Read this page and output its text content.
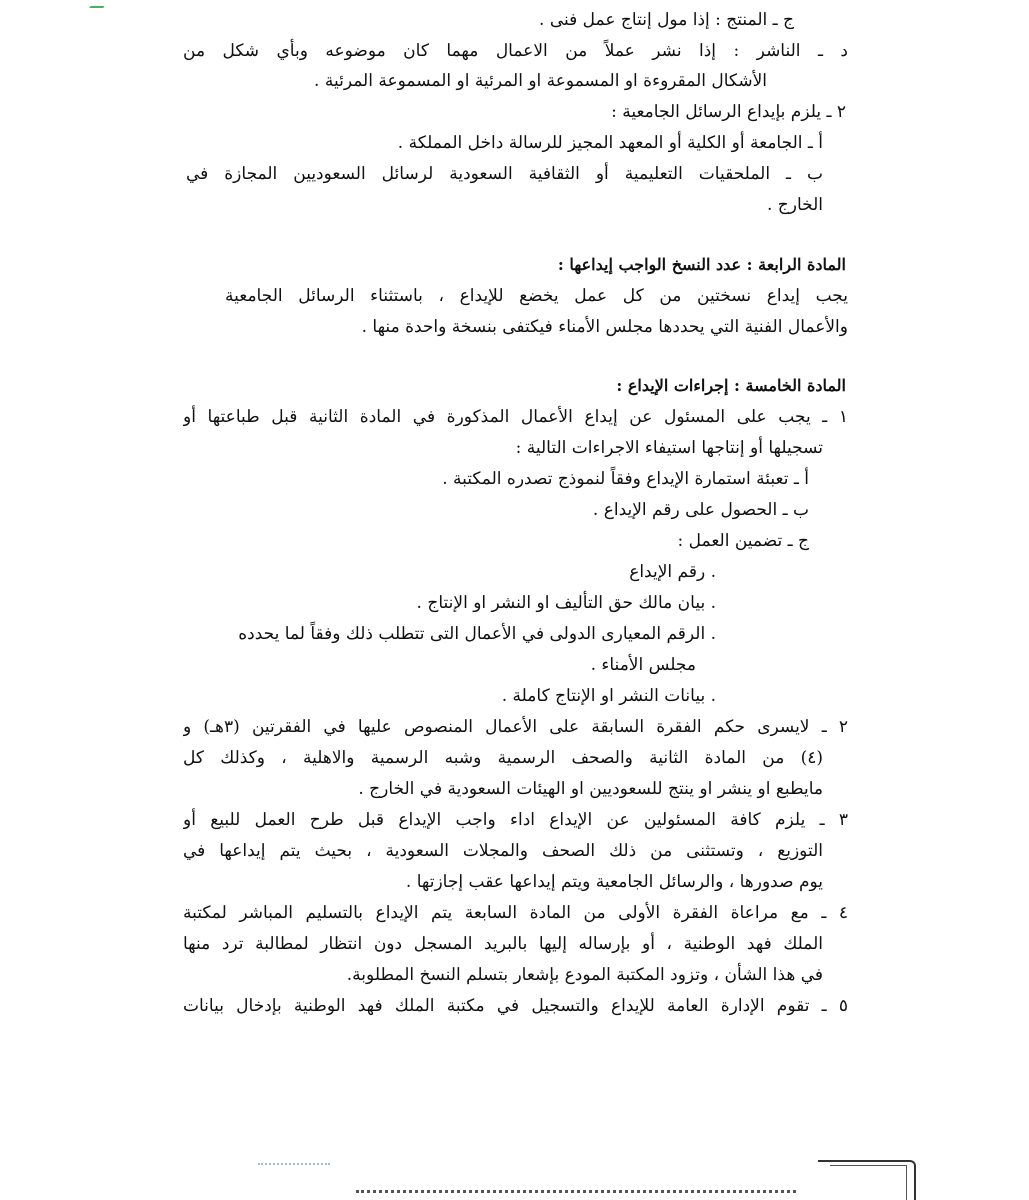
ج ـ المنتج : إذا مول إنتاج عمل فنى .
د ـ الناشر : إذا نشر عملاً من الاعمال مهما كان موضوعه وبأي شكل من
الأشكال المقروءة او المسموعة او المرئية او المسموعة المرئية .
٢ ـ يلزم بإيداع الرسائل الجامعية :
أ ـ الجامعة أو الكلية أو المعهد المجيز للرسالة داخل المملكة .
ب ـ الملحقيات التعليمية أو الثقافية السعودية لرسائل السعوديين المجازة في
الخارج .
المادة الرابعة : عدد النسخ الواجب إيداعها :
يجب إيداع نسختين من كل عمل يخضع للإيداع ، باستثناء الرسائل الجامعية
والأعمال الفنية التي يحددها مجلس الأمناء فيكتفى بنسخة واحدة منها .
المادة الخامسة : إجراءات الإيداع :
١ ـ يجب على المسئول عن إيداع الأعمال المذكورة في المادة الثانية قبل طباعتها أو
تسجيلها أو إنتاجها استيفاء الاجراءات التالية :
أ ـ تعبئة استمارة الإيداع وفقاً لنموذج تصدره المكتبة .
ب ـ الحصول على رقم الإيداع .
ج ـ تضمين العمل :
. رقم الإيداع
. بيان مالك حق التأليف او النشر او الإنتاج .
. الرقم المعيارى الدولى في الأعمال التى تتطلب ذلك وفقاً لما يحدده
مجلس الأمناء .
. بيانات النشر او الإنتاج كاملة .
٢ ـ لايسرى حكم الفقرة السابقة على الأعمال المنصوص عليها في الفقرتين (٣هـ) و
(٤) من المادة الثانية والصحف الرسمية وشبه الرسمية والاهلية ، وكذلك كل
مايطبع او ينشر او ينتج للسعوديين او الهيئات السعودية في الخارج .
٣ ـ يلزم كافة المسئولين عن الإيداع اداء واجب الإيداع قبل طرح العمل للبيع أو
التوزيع ، وتستثنى من ذلك الصحف والمجلات السعودية ، بحيث يتم إيداعها في
يوم صدورها ، والرسائل الجامعية ويتم إيداعها عقب إجازتها .
٤ ـ مع مراعاة الفقرة الأولى من المادة السابعة يتم الإيداع بالتسليم المباشر لمكتبة
الملك فهد الوطنية ، أو بإرساله إليها بالبريد المسجل دون انتظار لمطالبة ترد منها
في هذا الشأن ، وتزود المكتبة المودع بإشعار بتسلم النسخ المطلوبة.
٥ ـ تقوم الإدارة العامة للإيداع والتسجيل في مكتبة الملك فهد الوطنية بإدخال بيانات
